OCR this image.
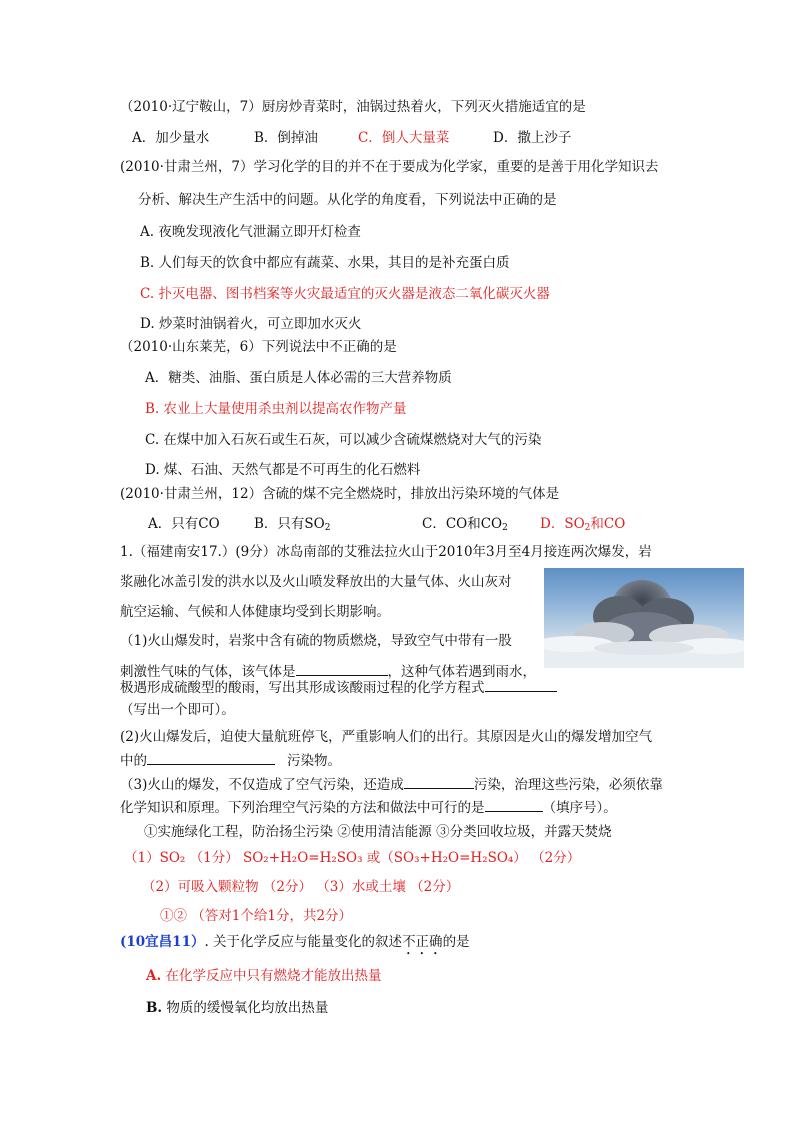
（2010·辽宁鞍山，7）厨房炒青菜时，油锅过热着火，下列灭火措施适宜的是
A．加少量水	B．倒掉油	C．倒人大量菜	D．撒上沙子
(2010·甘肃兰州，7）学习化学的目的并不在于要成为化学家，重要的是善于用化学知识去
分析、解决生产生活中的问题。从化学的角度看，下列说法中正确的是
A. 夜晚发现液化气泄漏立即开灯检查
B. 人们每天的饮食中都应有蔬菜、水果，其目的是补充蛋白质
C. 扑灭电器、图书档案等火灾最适宜的灭火器是液态二氧化碳灭火器
D. 炒菜时油锅着火，可立即加水灭火
（2010·山东莱芜，6）下列说法中不正确的是
A．糖类、油脂、蛋白质是人体必需的三大营养物质
B. 农业上大量使用杀虫剂以提高农作物产量
C. 在煤中加入石灰石或生石灰，可以减少含硫煤燃烧对大气的污染
D. 煤、石油、天然气都是不可再生的化石燃料
(2010·甘肃兰州，12）含硫的煤不完全燃烧时，排放出污染环境的气体是
A．只有CO	B．只有$SO_2$	C．CO和$CO_2$ D．$SO_2$和CO
1.（福建南安17.）(9分）冰岛南部的艾雅法拉火山于2010年3月至4月接连两次爆发，岩
浆融化冰盖引发的洪水以及火山喷发释放出的大量气体、火山灰对
航空运输、气候和人体健康均受到长期影响。
（1)火山爆发时，岩浆中含有硫的物质燃烧，导致空气中带有一股
刺激性气味的气体，该气体是	，这种气体若遇到雨水，
极遇形成硫酸型的酸雨，写出其形成该酸雨过程的化学方程式
（写出一个即可）。
(2)火山爆发后，迫使大量航班停飞，严重影响人们的出行。其原因是火山的爆发增加空气
中的	污染物。
（3)火山的爆发，不仅造成了空气污染，还造成	污染，治理这些污染，必须依靠
化学知识和原理。下列治理空气污染的方法和做法中可行的是	（填序号）。
①实施绿化工程，防治扬尘污染 ②使用清洁能源 ③分类回收垃圾，并露天焚烧
（1）SO₂ （1分） SO₂+H₂O=H₂SO₃ 或（SO₃+H₂O=H₂SO₄） （2分）
（2）可吸入颗粒物 （2分） （3）水或土壤 （2分）
①② （答对1个给1分，共2分）
(10宜昌11）. 关于化学反应与能量变化的叙述不正确的是
A. 在化学反应中只有燃烧才能放出热量
B. 物质的缓慢氧化均放出热量
